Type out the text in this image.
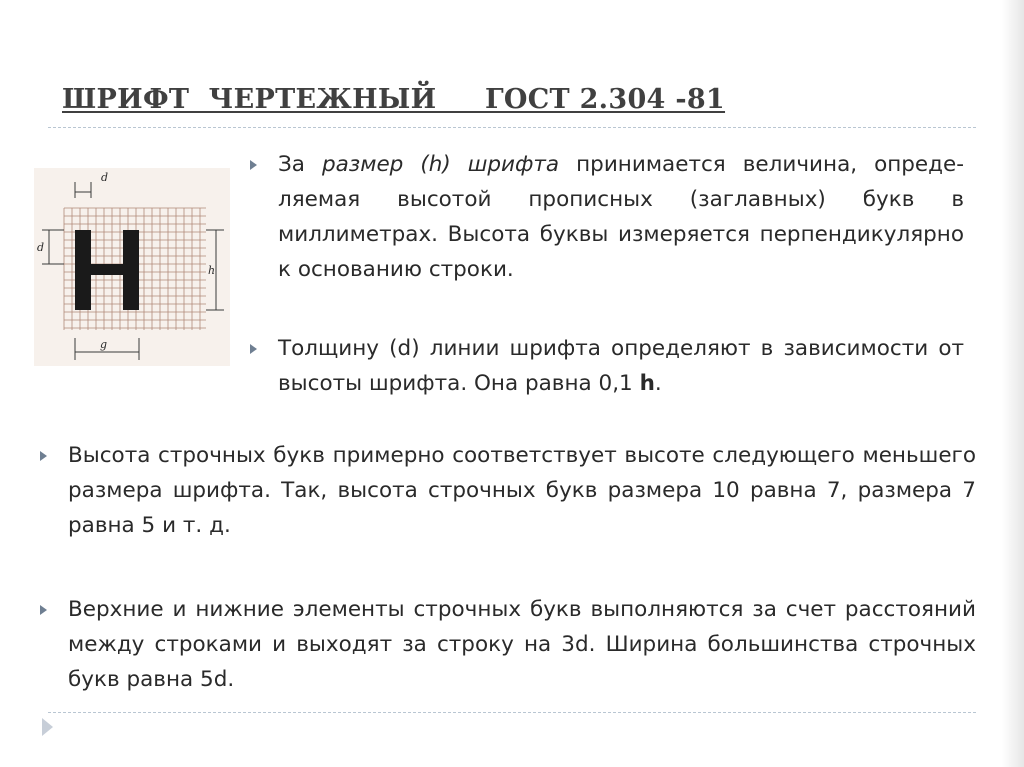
ШРИФТ  ЧЕРТЕЖНЫЙ     ГОСТ 2.304 -81
d
d
h
g

За размер (h) шрифта принимается величина, опреде-ляемая высотой прописных (заглавных) букв в миллиметрах. Высота буквы измеряется перпендикулярно к основанию строки.

Толщину (d) линии шрифта определяют в зависимости от высоты шрифта. Она равна 0,1 h.

Высота строчных букв примерно соответствует высоте следующего меньшего размера шрифта. Так, высота строчных букв размера 10 равна 7, размера 7 равна 5 и т. д.

Верхние и нижние элементы строчных букв выполняются за счет расстояний между строками и выходят за строку на 3d. Ширина большинства строчных букв равна 5d.
